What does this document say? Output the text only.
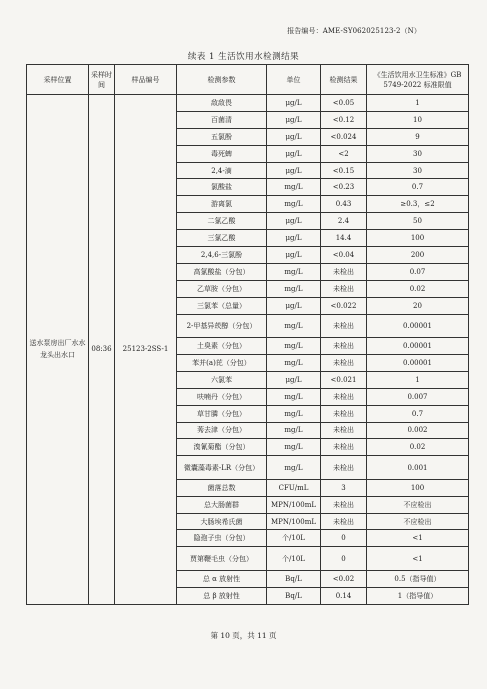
报告编号：AME-SY062025123-2（N）
续表 1 生活饮用水检测结果
采样位置	采样时间	样品编号	检测参数	单位	检测结果	《生活饮用水卫生标准》GB 5749-2022 标准限值
送水泵房出厂水水龙头出水口	08:36	25123-2SS-1	敌敌畏	μg/L	<0.05	1
			百菌清	μg/L	<0.12	10
			五氯酚	μg/L	<0.024	9
			毒死蜱	μg/L	<2	30
			2,4-滴	μg/L	<0.15	30
			氯酸盐	mg/L	<0.23	0.7
			游离氯	mg/L	0.43	≥0.3，≤2
			二氯乙酸	μg/L	2.4	50
			三氯乙酸	μg/L	14.4	100
			2,4,6-三氯酚	μg/L	<0.04	200
			高氯酸盐（分包）	mg/L	未检出	0.07
			乙草胺（分包）	mg/L	未检出	0.02
			三氯苯（总量）	μg/L	<0.022	20
			2-甲基异莰醇（分包）	mg/L	未检出	0.00001
			土臭素（分包）	mg/L	未检出	0.00001
			苯并(a)芘（分包）	mg/L	未检出	0.00001
			六氯苯	μg/L	<0.021	1
			呋喃丹（分包）	mg/L	未检出	0.007
			草甘膦（分包）	mg/L	未检出	0.7
			莠去津（分包）	mg/L	未检出	0.002
			溴氰菊酯（分包）	mg/L	未检出	0.02
			微囊藻毒素-LR（分包）	mg/L	未检出	0.001
			菌落总数	CFU/mL	3	100
			总大肠菌群	MPN/100mL	未检出	不应检出
			大肠埃希氏菌	MPN/100mL	未检出	不应检出
			隐孢子虫（分包）	个/10L	0	<1
			贾第鞭毛虫（分包）	个/10L	0	<1
			总 α 放射性	Bq/L	<0.02	0.5（指导值）
			总 β 放射性	Bq/L	0.14	1（指导值）
第 10 页，共 11 页
